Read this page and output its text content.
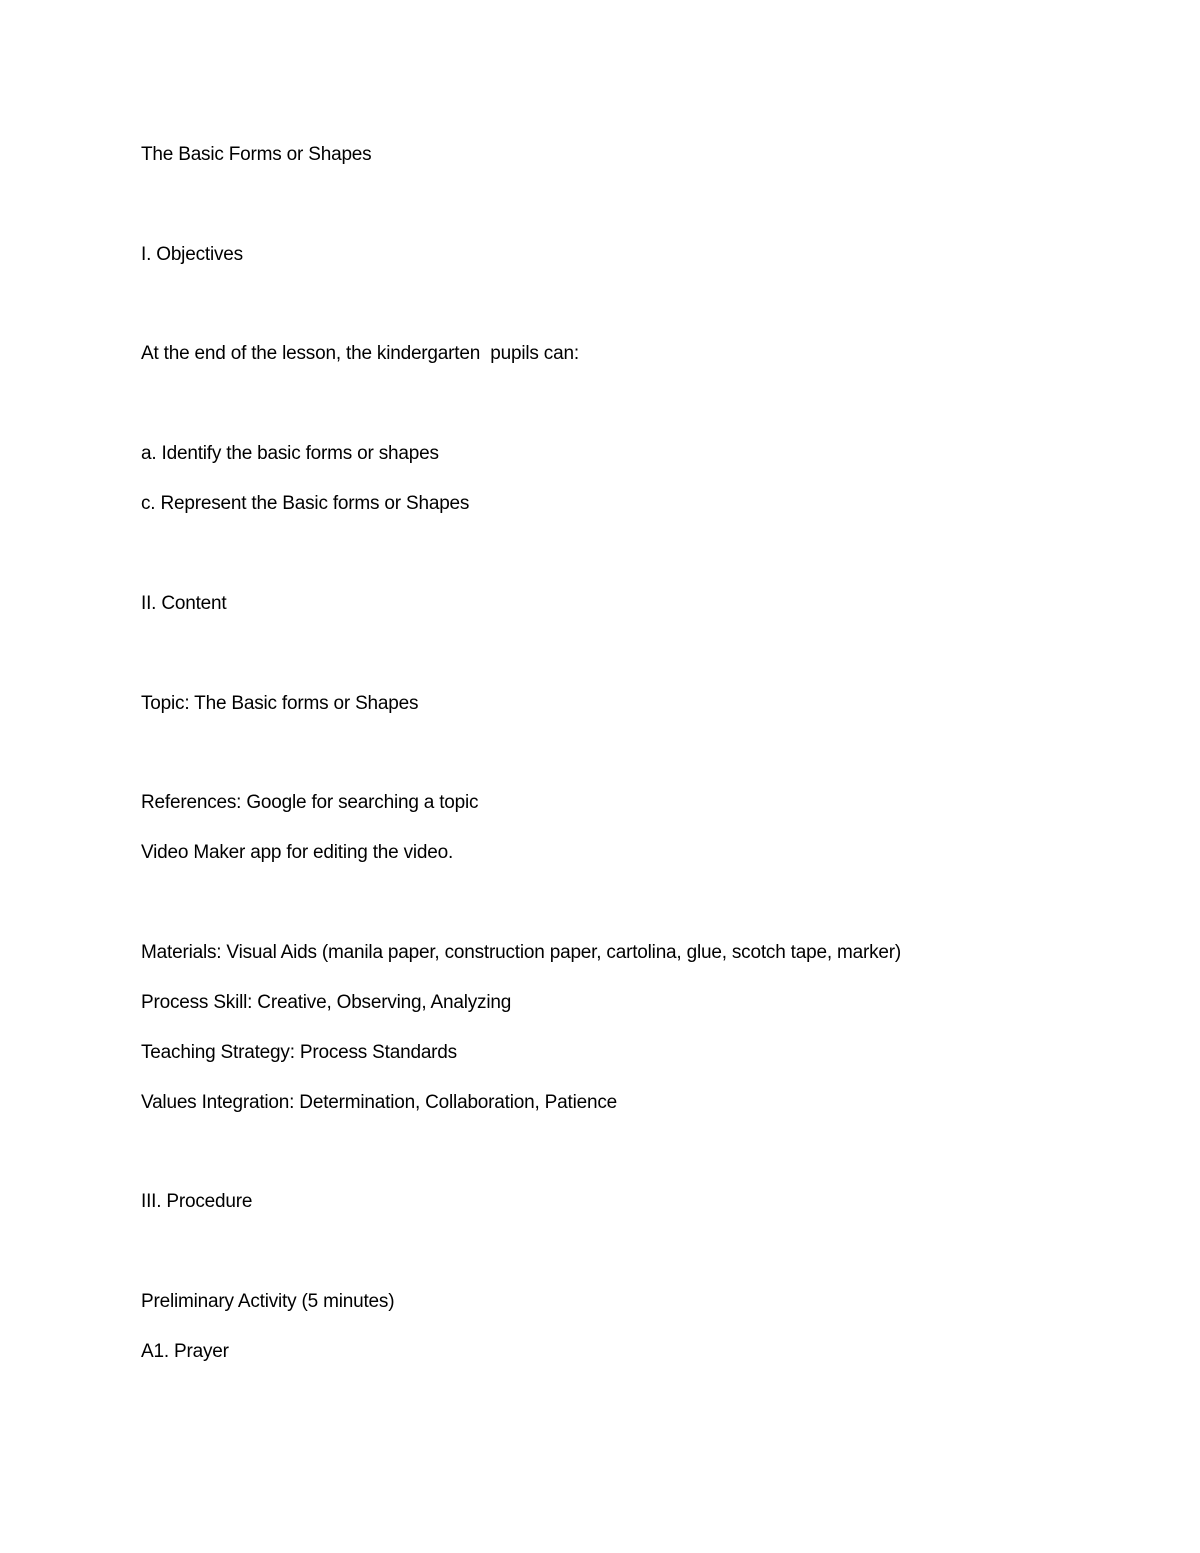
The Basic Forms or Shapes
I. Objectives
At the end of the lesson, the kindergarten  pupils can:
a. Identify the basic forms or shapes
c. Represent the Basic forms or Shapes
II. Content
Topic: The Basic forms or Shapes
References: Google for searching a topic
Video Maker app for editing the video.
Materials: Visual Aids (manila paper, construction paper, cartolina, glue, scotch tape, marker)
Process Skill: Creative, Observing, Analyzing
Teaching Strategy: Process Standards
Values Integration: Determination, Collaboration, Patience
III. Procedure
Preliminary Activity (5 minutes)
A1. Prayer
